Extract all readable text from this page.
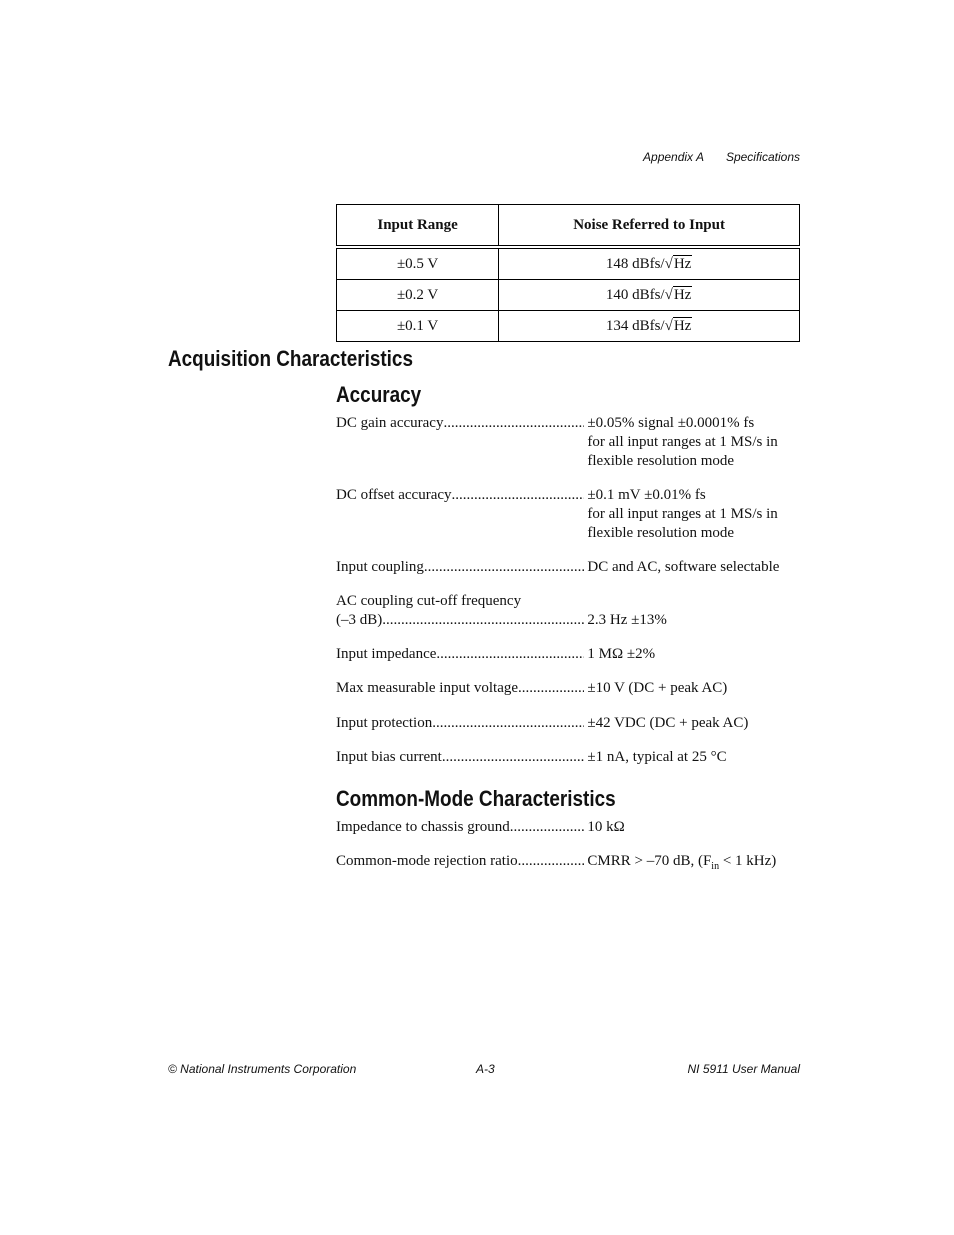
Appendix A Specifications
Input Range	Noise Referred to Input
±0.5 V	148 dBfs/√Hz
±0.2 V	140 dBfs/√Hz
±0.1 V	134 dBfs/√Hz
Acquisition Characteristics
Accuracy
DC gain accuracy .....	±0.05% signal ±0.0001% fs
for all input ranges at 1 MS/s in flexible resolution mode
DC offset accuracy .....	±0.1 mV ±0.01% fs
for all input ranges at 1 MS/s in flexible resolution mode
Input coupling .....	DC and AC, software selectable
AC coupling cut-off frequency
(–3 dB) .....	2.3 Hz ±13%
Input impedance .....	1 MΩ ±2%
Max measurable input voltage .....	±10 V (DC + peak AC)
Input protection .....	±42 VDC (DC + peak AC)
Input bias current .....	±1 nA, typical at 25 °C
Common-Mode Characteristics
Impedance to chassis ground .....	10 kΩ
Common-mode rejection ratio .....	CMRR > –70 dB, ($F_{in} < 1$ kHz)
© National Instruments Corporation	A-3	NI 5911 User Manual
